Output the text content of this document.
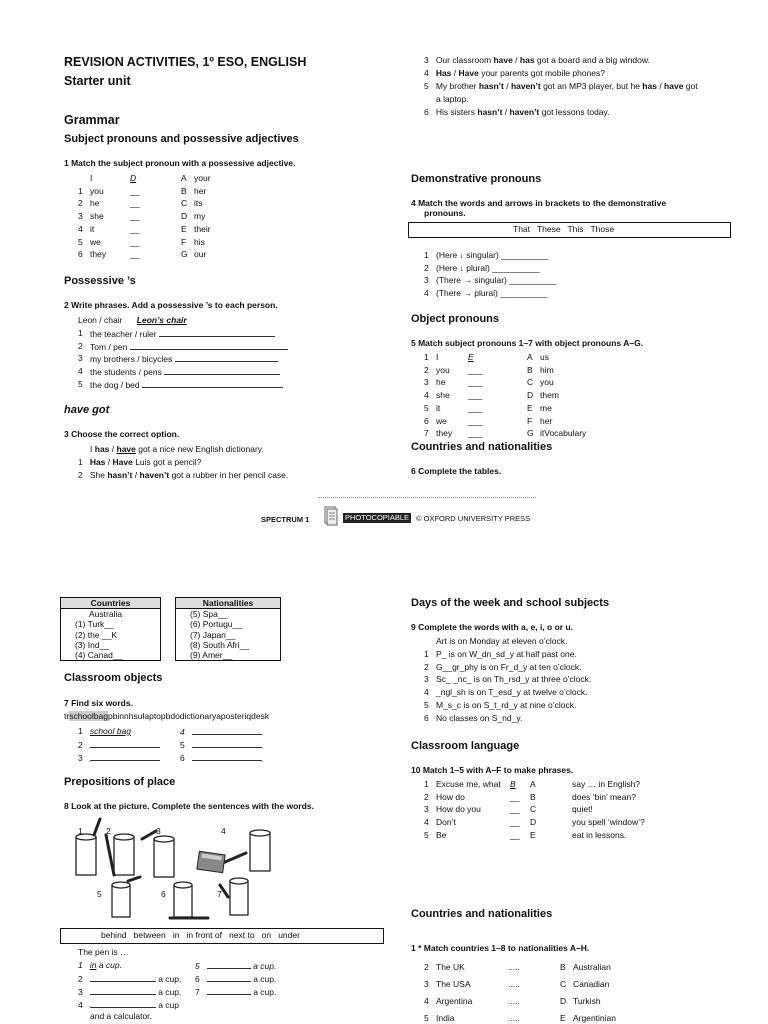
REVISION ACTIVITIES, 1º ESO, ENGLISH
Starter unit
Grammar
Subject pronouns and possessive adjectives
1 Match the subject pronoun with a possessive adjective.
I	D	A your
1 you	__	B her
2 he	__	C its
3 she	__	D my
4 it	__	E their
5 we	__	F his
6 they	__	G our
Possessive ’s
2 Write phrases. Add a possessive ’s to each person.
Leon / chair Leon’s chair
1 the teacher / ruler
2 Tom / pen
3 my brothers / bicycles
4 the students / pens
5 the dog / bed
have got
3 Choose the correct option.
I has / have got a nice new English dictionary.
1   Has / Have Luis got a pencil?
2   She hasn’t / haven’t got a rubber in her pencil case.
3   Our classroom have / has got a board and a big window.
4   Has / Have your parents got mobile phones?
5   My brother hasn’t / haven’t got an MP3 player, but he has / have got
a laptop.
6   His sisters hasn’t / haven’t got lessons today.
Demonstrative pronouns
4 Match the words and arrows in brackets to the demonstrative
pronouns.
That   These   This   Those
1 (Here ↓ singular) __________
2 (Here ↓ plural) __________
3 (There → singular) __________
4 (There → plural) __________
Object pronouns
5 Match subject pronouns 1–7 with object pronouns A–G.
1 I	E	A us
2 you ___	B him
3 he	___	C you
4 she ___	D them
5 it	___	E me
6 we ___	F her
7 they ___	G itVocabulary
Countries and nationalities
6 Complete the tables.
SPECTRUM 1	PHOTOCOPIABLE © OXFORD UNIVERSITY PRESS
Countries
Australia
(1) Turk__
(2) the __K
(3) Ind__
(4) Canad__
Nationalities
(5) Spa__
(6) Portugu__
(7) Japan__
(8) South Afri__
(9) Amer__
Classroom objects
7 Find six words.
trschoolbagpbinnhsulaptopbdodictionaryaposteriqdesk
1 school bag	4
2	5
3	6
Prepositions of place
8 Look at the picture. Complete the sentences with the words.
1	2	3	4
5	6	7
behind   between   in   in front of   next to   on   under
The pen is …
1 in a cup.	5	a cup.
2	a cup. 6	a cup.
3	a cup. 7	a cup.
4	a cup
and a calculator.
Days of the week and school subjects
9 Complete the words with a, e, i, o or u.
Art is on Monday at eleven o’clock.
1 P_ is on W_dn_sd_y at half past one.
2 G__gr_phy is on Fr_d_y at ten o’clock.
3 Sc_ _nc_ is on Th_rsd_y at three o’clock.
4 _ngl_sh is on T_esd_y at twelve o’clock.
5 M_s_c is on S_t_rd_y at nine o’clock.
6 No classes on S_nd_y.
Classroom language
10 Match 1–5 with A–F to make phrases.
1 Excuse me, what B A	say … in English?
2 How do	__ B	does ‘bin’ mean?
3 How do you	__ C	quiet!
4 Don’t	__ D	you spell ‘window’?
5 Be	__ E	eat in lessons.
Countries and nationalities
1 * Match countries 1–8 to nationalities A–H.
2 The UK	.....	B Australian
3 The USA	.....	C Canadian
4 Argentina	.....	D Turkish
5 India	.....	E Argentinian
